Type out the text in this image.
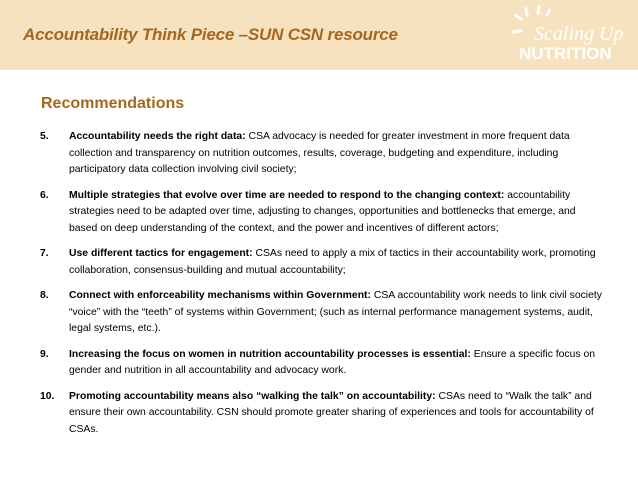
Accountability Think Piece –SUN CSN resource	Scaling Up
NUTRITION
Recommendations
5. Accountability needs the right data: CSA advocacy is needed for greater investment in more frequent data collection and transparency on nutrition outcomes, results, coverage, budgeting and expenditure, including participatory data collection involving civil society;
6. Multiple strategies that evolve over time are needed to respond to the changing context: accountability strategies need to be adapted over time, adjusting to changes, opportunities and bottlenecks that emerge, and based on deep understanding of the context, and the power and incentives of different actors;
7. Use different tactics for engagement: CSAs need to apply a mix of tactics in their accountability work, promoting collaboration, consensus-building and mutual accountability;
8. Connect with enforceability mechanisms within Government: CSA accountability work needs to link civil society “voice” with the “teeth” of systems within Government; (such as internal performance management systems, audit, legal systems, etc.).
9. Increasing the focus on women in nutrition accountability processes is essential: Ensure a specific focus on gender and nutrition in all accountability and advocacy work.
10. Promoting accountability means also “walking the talk” on accountability: CSAs need to “Walk the talk” and ensure their own accountability. CSN should promote greater sharing of experiences and tools for accountability of CSAs.
